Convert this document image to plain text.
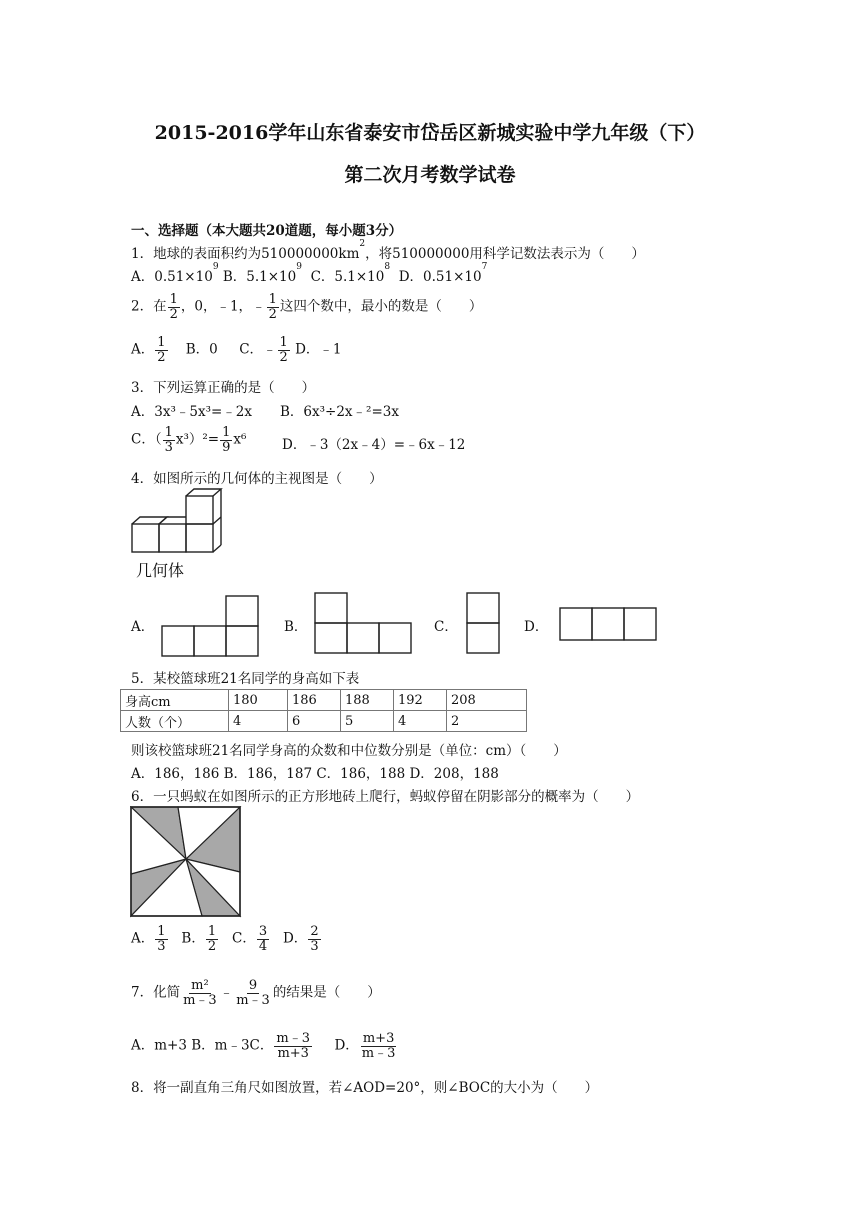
2015-2016学年山东省泰安市岱岳区新城实验中学九年级（下）
第二次月考数学试卷
一、选择题（本大题共20道题，每小题3分）
1．地球的表面积约为$510000000km^2$，将510000000用科学记数法表示为（　　）
A．$0.51\times 10^9$ B．$5.1\times 10^9$  C．$5.1\times 10^8$  D．$0.51\times 10^7$
2．在 $\frac{1}{2}$ ，0，﹣1，﹣ $\frac{1}{2}$ 这四个数中，最小的数是（　　）
A． $\frac{1}{2}$ B．0 C．﹣ $\frac{1}{2}$ D．﹣1
3．下列运算正确的是（　　）
A．3x³﹣5x³=﹣2x B．6x³÷2x﹣²=3x
C．（ $\frac{1}{3} x^3)^2= \frac{1}{9} x^6$	D．﹣3（2x﹣4）=﹣6x﹣12
4．如图所示的几何体的主视图是（　　）
几何体
A．	B．	C．	D．
5．某校篮球班21名同学的身高如下表
身高cm	180	186	188	192	208
人数（个）	4	6	5	4	2
则该校篮球班21名同学身高的众数和中位数分别是（单位：cm）（　　）
A．186，186 B．186，187 C．186，188 D．208，188
6．一只蚂蚁在如图所示的正方形地砖上爬行，蚂蚁停留在阴影部分的概率为（　　）
A． $\frac{1}{3}$ B． $\frac{1}{2}$ C． $\frac{3}{4}$ D． $\frac{2}{3}$
7．化简 $\frac{\text{m²}}{m﹣3}$ ﹣ $\frac{9}{m﹣3}$ 的结果是（　　）
A．m+3 B．m﹣3C． $\frac{m﹣3}{m+3}$ D． $\frac{m+3}{m﹣3}$
8．将一副直角三角尺如图放置，若∠AOD=20°，则∠BOC的大小为（　　）
